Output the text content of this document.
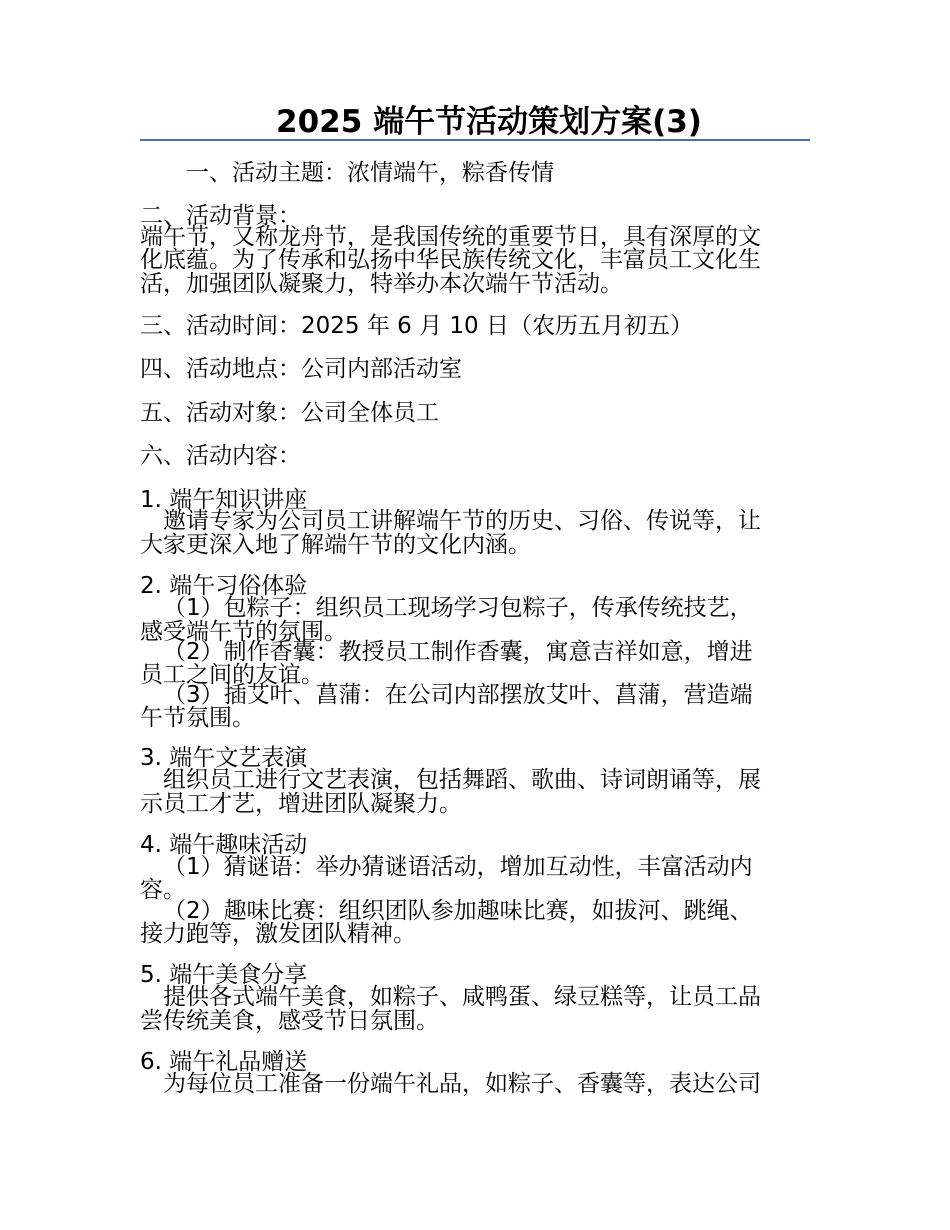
2025 端午节活动策划方案(3)
一、活动主题：浓情端午，粽香传情
二、活动背景：
端午节，又称龙舟节，是我国传统的重要节日，具有深厚的文
化底蕴。为了传承和弘扬中华民族传统文化，丰富员工文化生
活，加强团队凝聚力，特举办本次端午节活动。
三、活动时间：2025 年 6 月 10 日（农历五月初五）
四、活动地点：公司内部活动室
五、活动对象：公司全体员工
六、活动内容：
1. 端午知识讲座
邀请专家为公司员工讲解端午节的历史、习俗、传说等，让
大家更深入地了解端午节的文化内涵。
2. 端午习俗体验
（1）包粽子：组织员工现场学习包粽子，传承传统技艺，
感受端午节的氛围。
（2）制作香囊：教授员工制作香囊，寓意吉祥如意，增进
员工之间的友谊。
（3）插艾叶、菖蒲：在公司内部摆放艾叶、菖蒲，营造端
午节氛围。
3. 端午文艺表演
组织员工进行文艺表演，包括舞蹈、歌曲、诗词朗诵等，展
示员工才艺，增进团队凝聚力。
4. 端午趣味活动
（1）猜谜语：举办猜谜语活动，增加互动性，丰富活动内
容。
（2）趣味比赛：组织团队参加趣味比赛，如拔河、跳绳、
接力跑等，激发团队精神。
5. 端午美食分享
提供各式端午美食，如粽子、咸鸭蛋、绿豆糕等，让员工品
尝传统美食，感受节日氛围。
6. 端午礼品赠送
为每位员工准备一份端午礼品，如粽子、香囊等，表达公司
